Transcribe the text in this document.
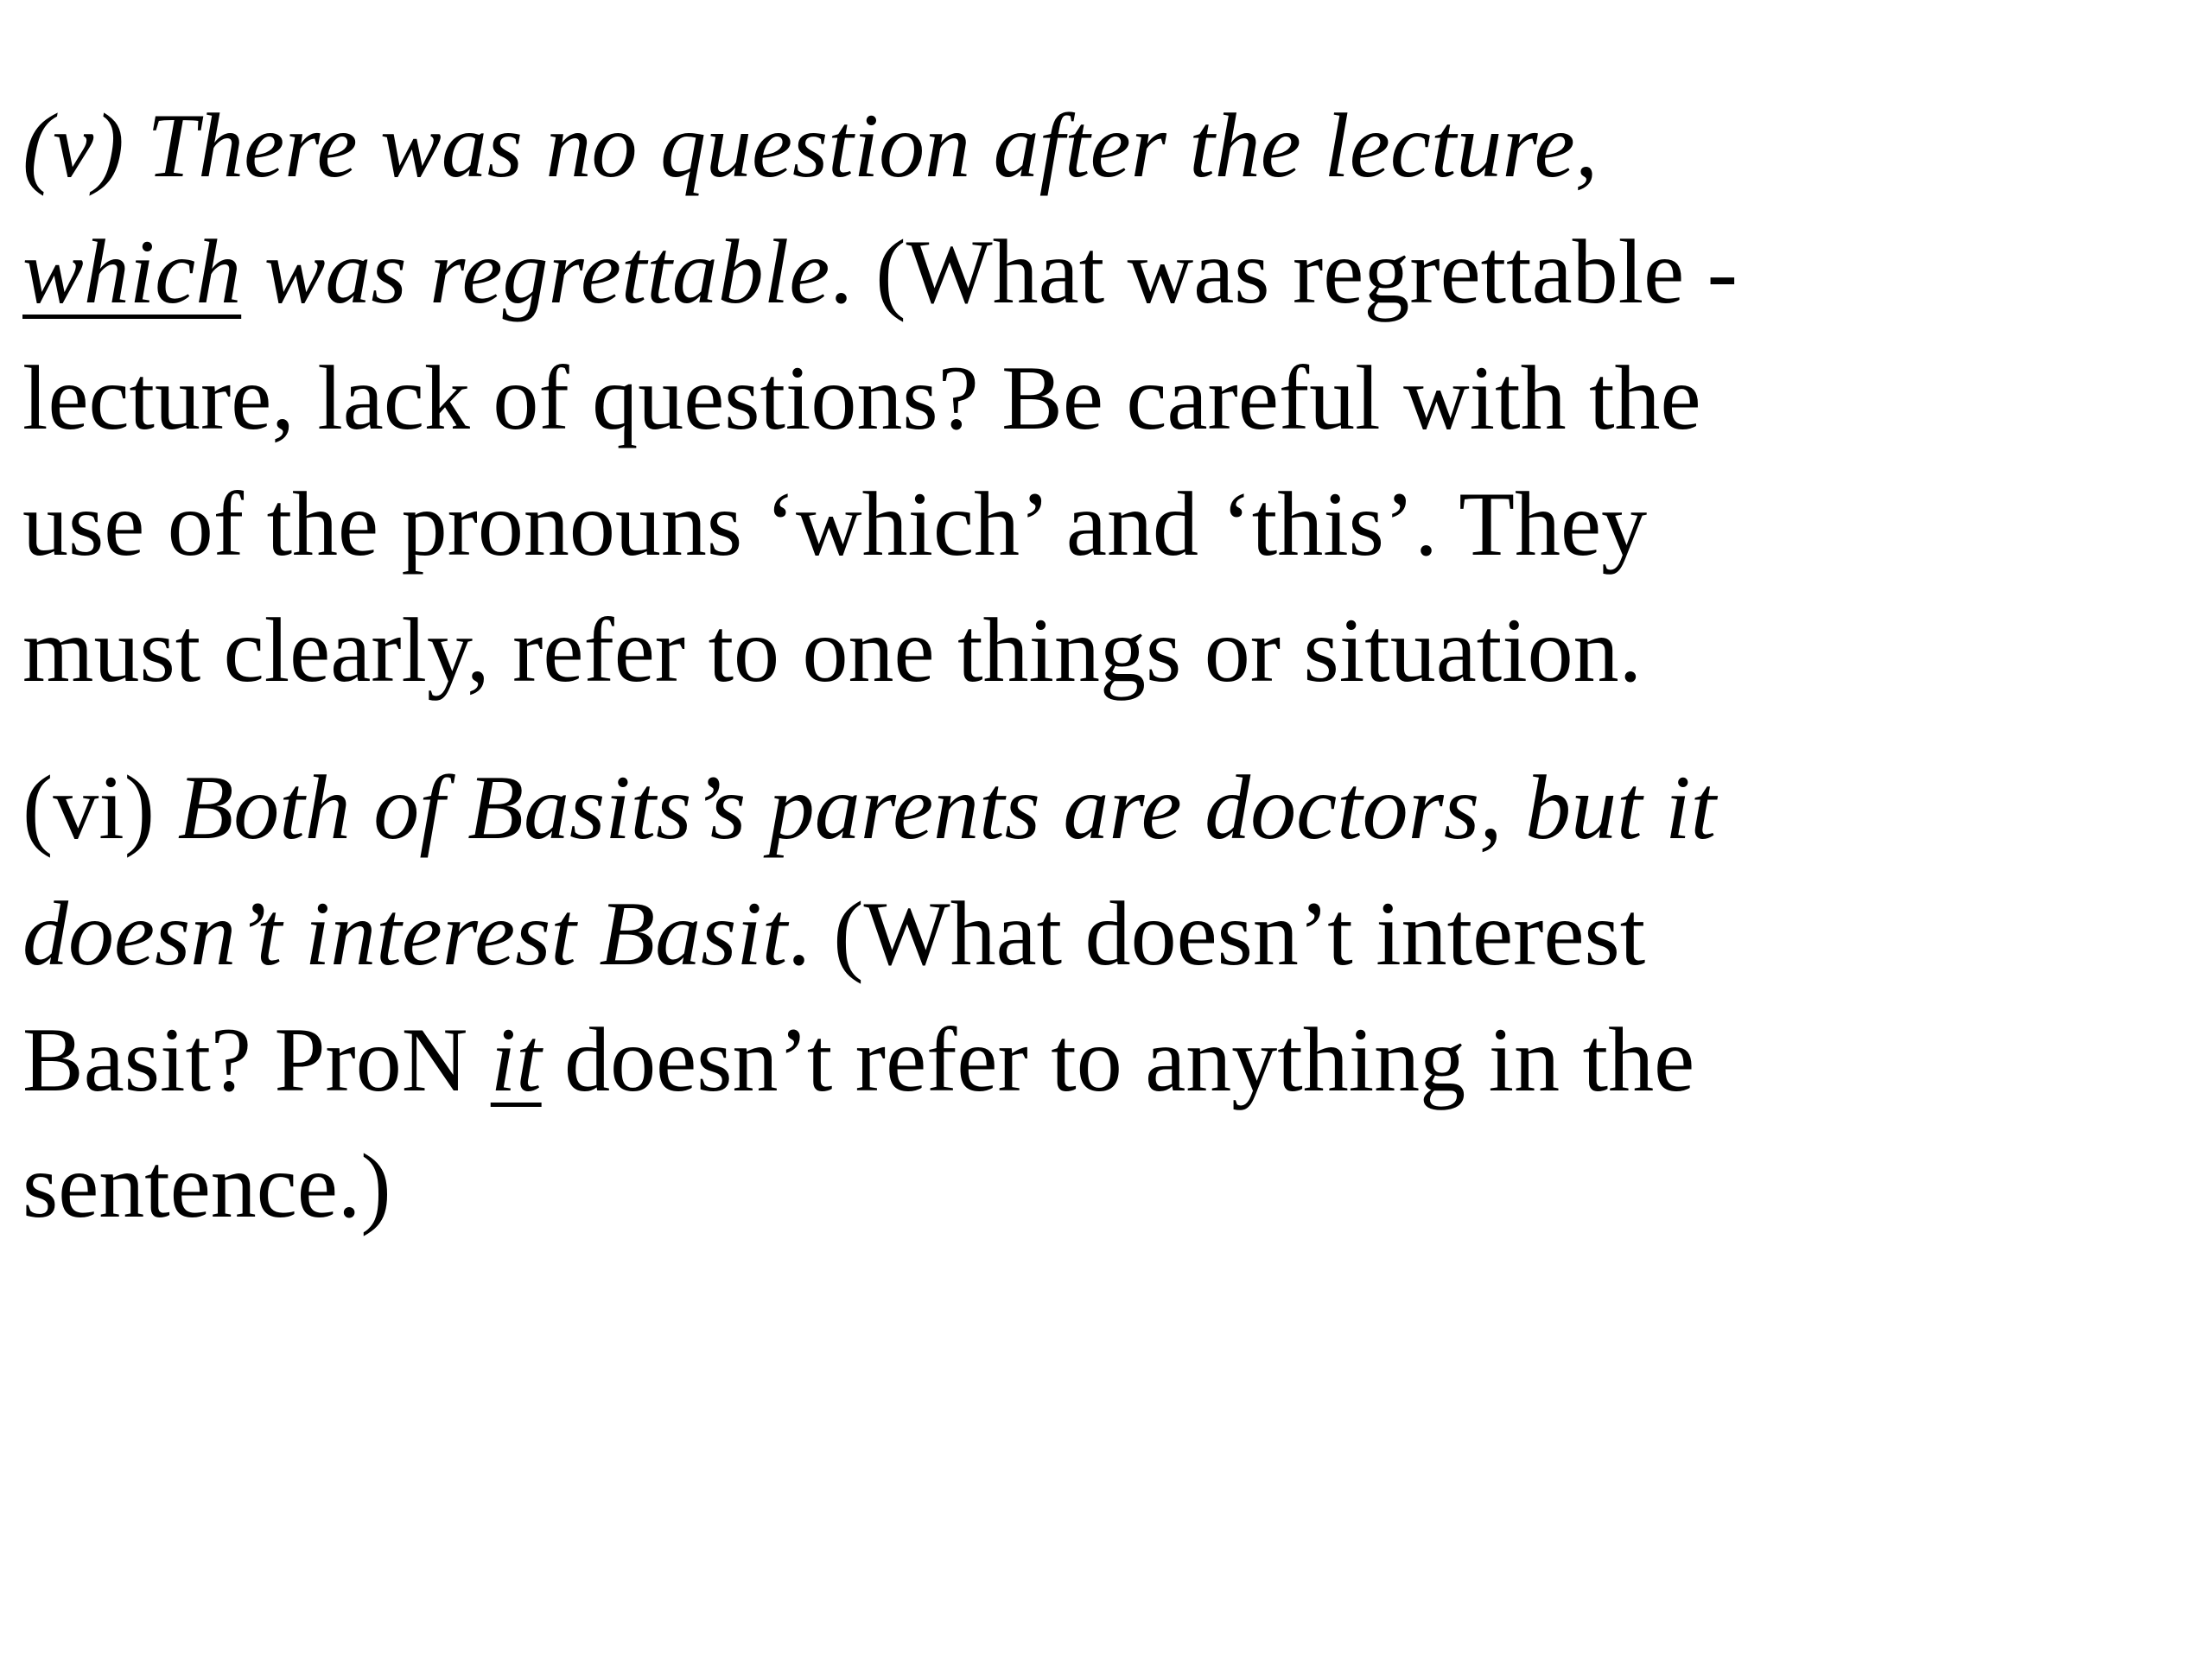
(v) There was no question after the lecture,
which was regrettable. (What was regrettable -
lecture, lack of questions? Be careful with the
use of the pronouns ‘which’ and ‘this’. They
must clearly, refer to one things or situation.

(vi) Both of Basits’s parents are doctors, but it
doesn’t interest Basit. (What doesn’t interest
Basit? ProN it doesn’t refer to anything in the
sentence.)
